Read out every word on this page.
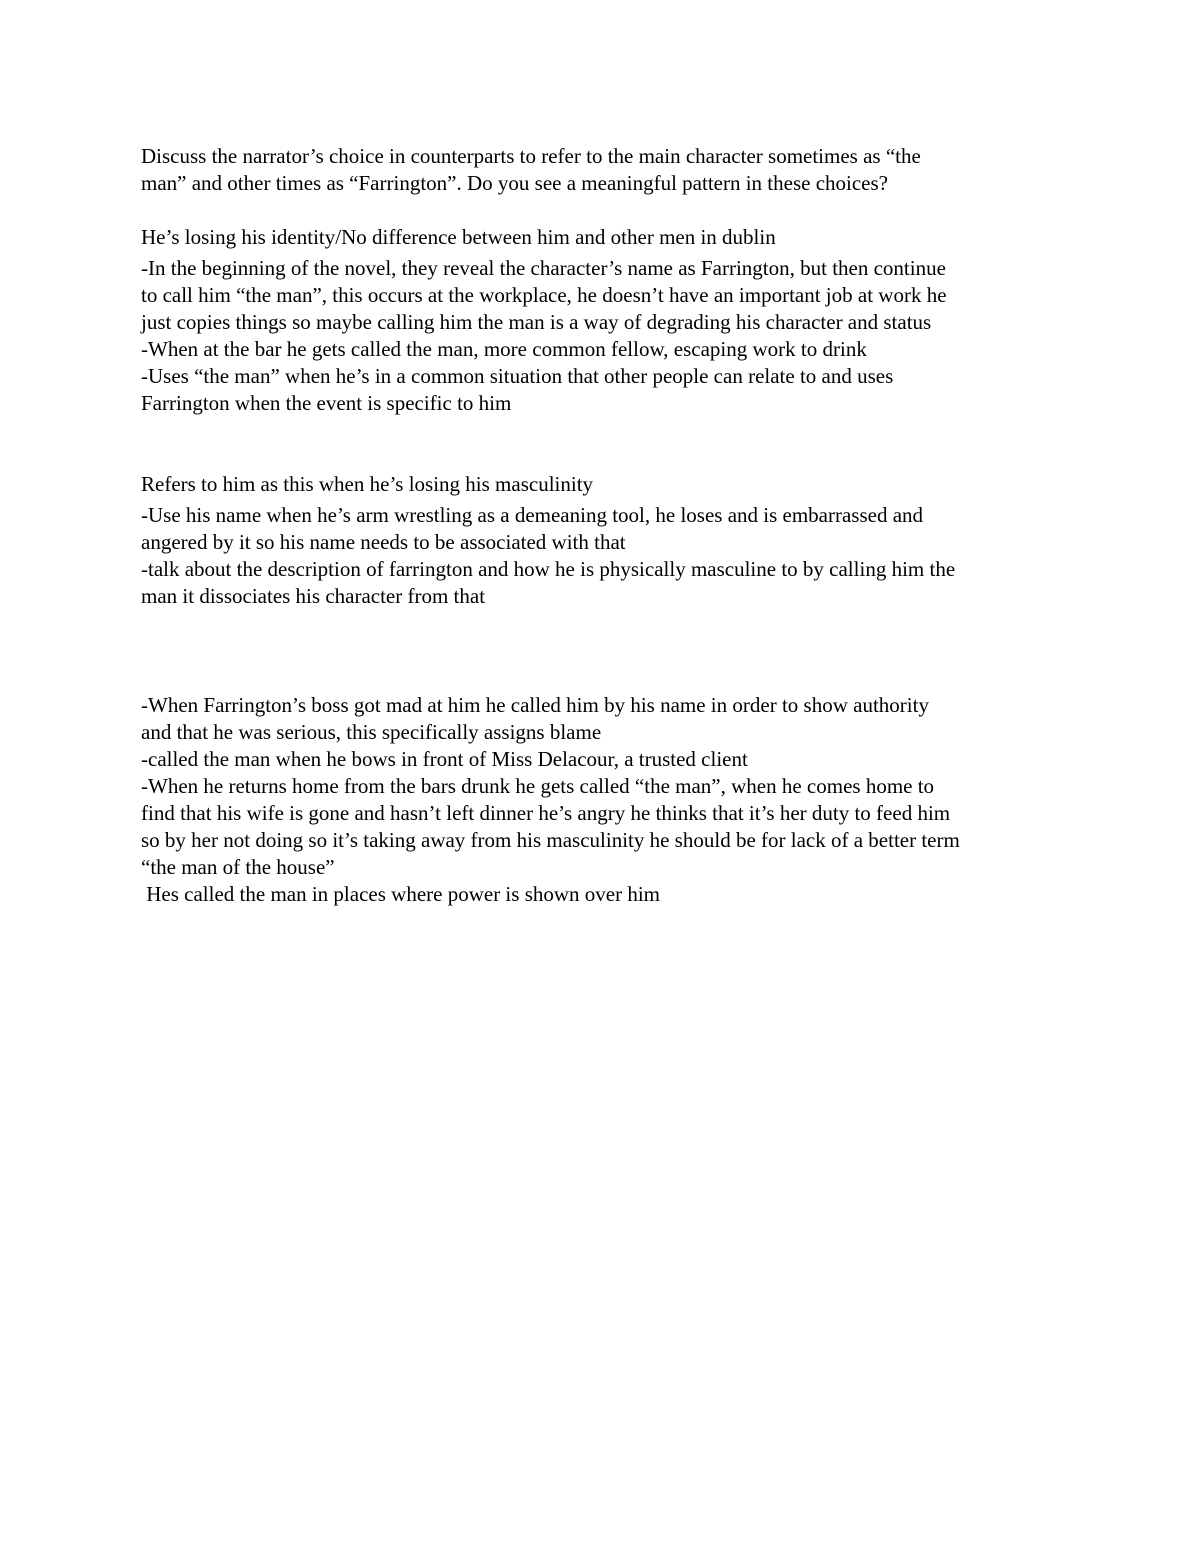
Discuss the narrator’s choice in counterparts to refer to the main character sometimes as “the

man” and other times as “Farrington”. Do you see a meaningful pattern in these choices?

He’s losing his identity/No difference between him and other men in dublin

-In the beginning of the novel, they reveal the character’s name as Farrington, but then continue

to call him “the man”, this occurs at the workplace, he doesn’t have an important job at work he

just copies things so maybe calling him the man is a way of degrading his character and status

-When at the bar he gets called the man, more common fellow, escaping work to drink

-Uses “the man” when he’s in a common situation that other people can relate to and uses

Farrington when the event is specific to him

Refers to him as this when he’s losing his masculinity

-Use his name when he’s arm wrestling as a demeaning tool, he loses and is embarrassed and

angered by it so his name needs to be associated with that

-talk about the description of farrington and how he is physically masculine to by calling him the

man it dissociates his character from that

-When Farrington’s boss got mad at him he called him by his name in order to show authority

and that he was serious, this specifically assigns blame

-called the man when he bows in front of Miss Delacour, a trusted client

-When he returns home from the bars drunk he gets called “the man”, when he comes home to

find that his wife is gone and hasn’t left dinner he’s angry he thinks that it’s her duty to feed him

so by her not doing so it’s taking away from his masculinity he should be for lack of a better term

“the man of the house”

Hes called the man in places where power is shown over him
